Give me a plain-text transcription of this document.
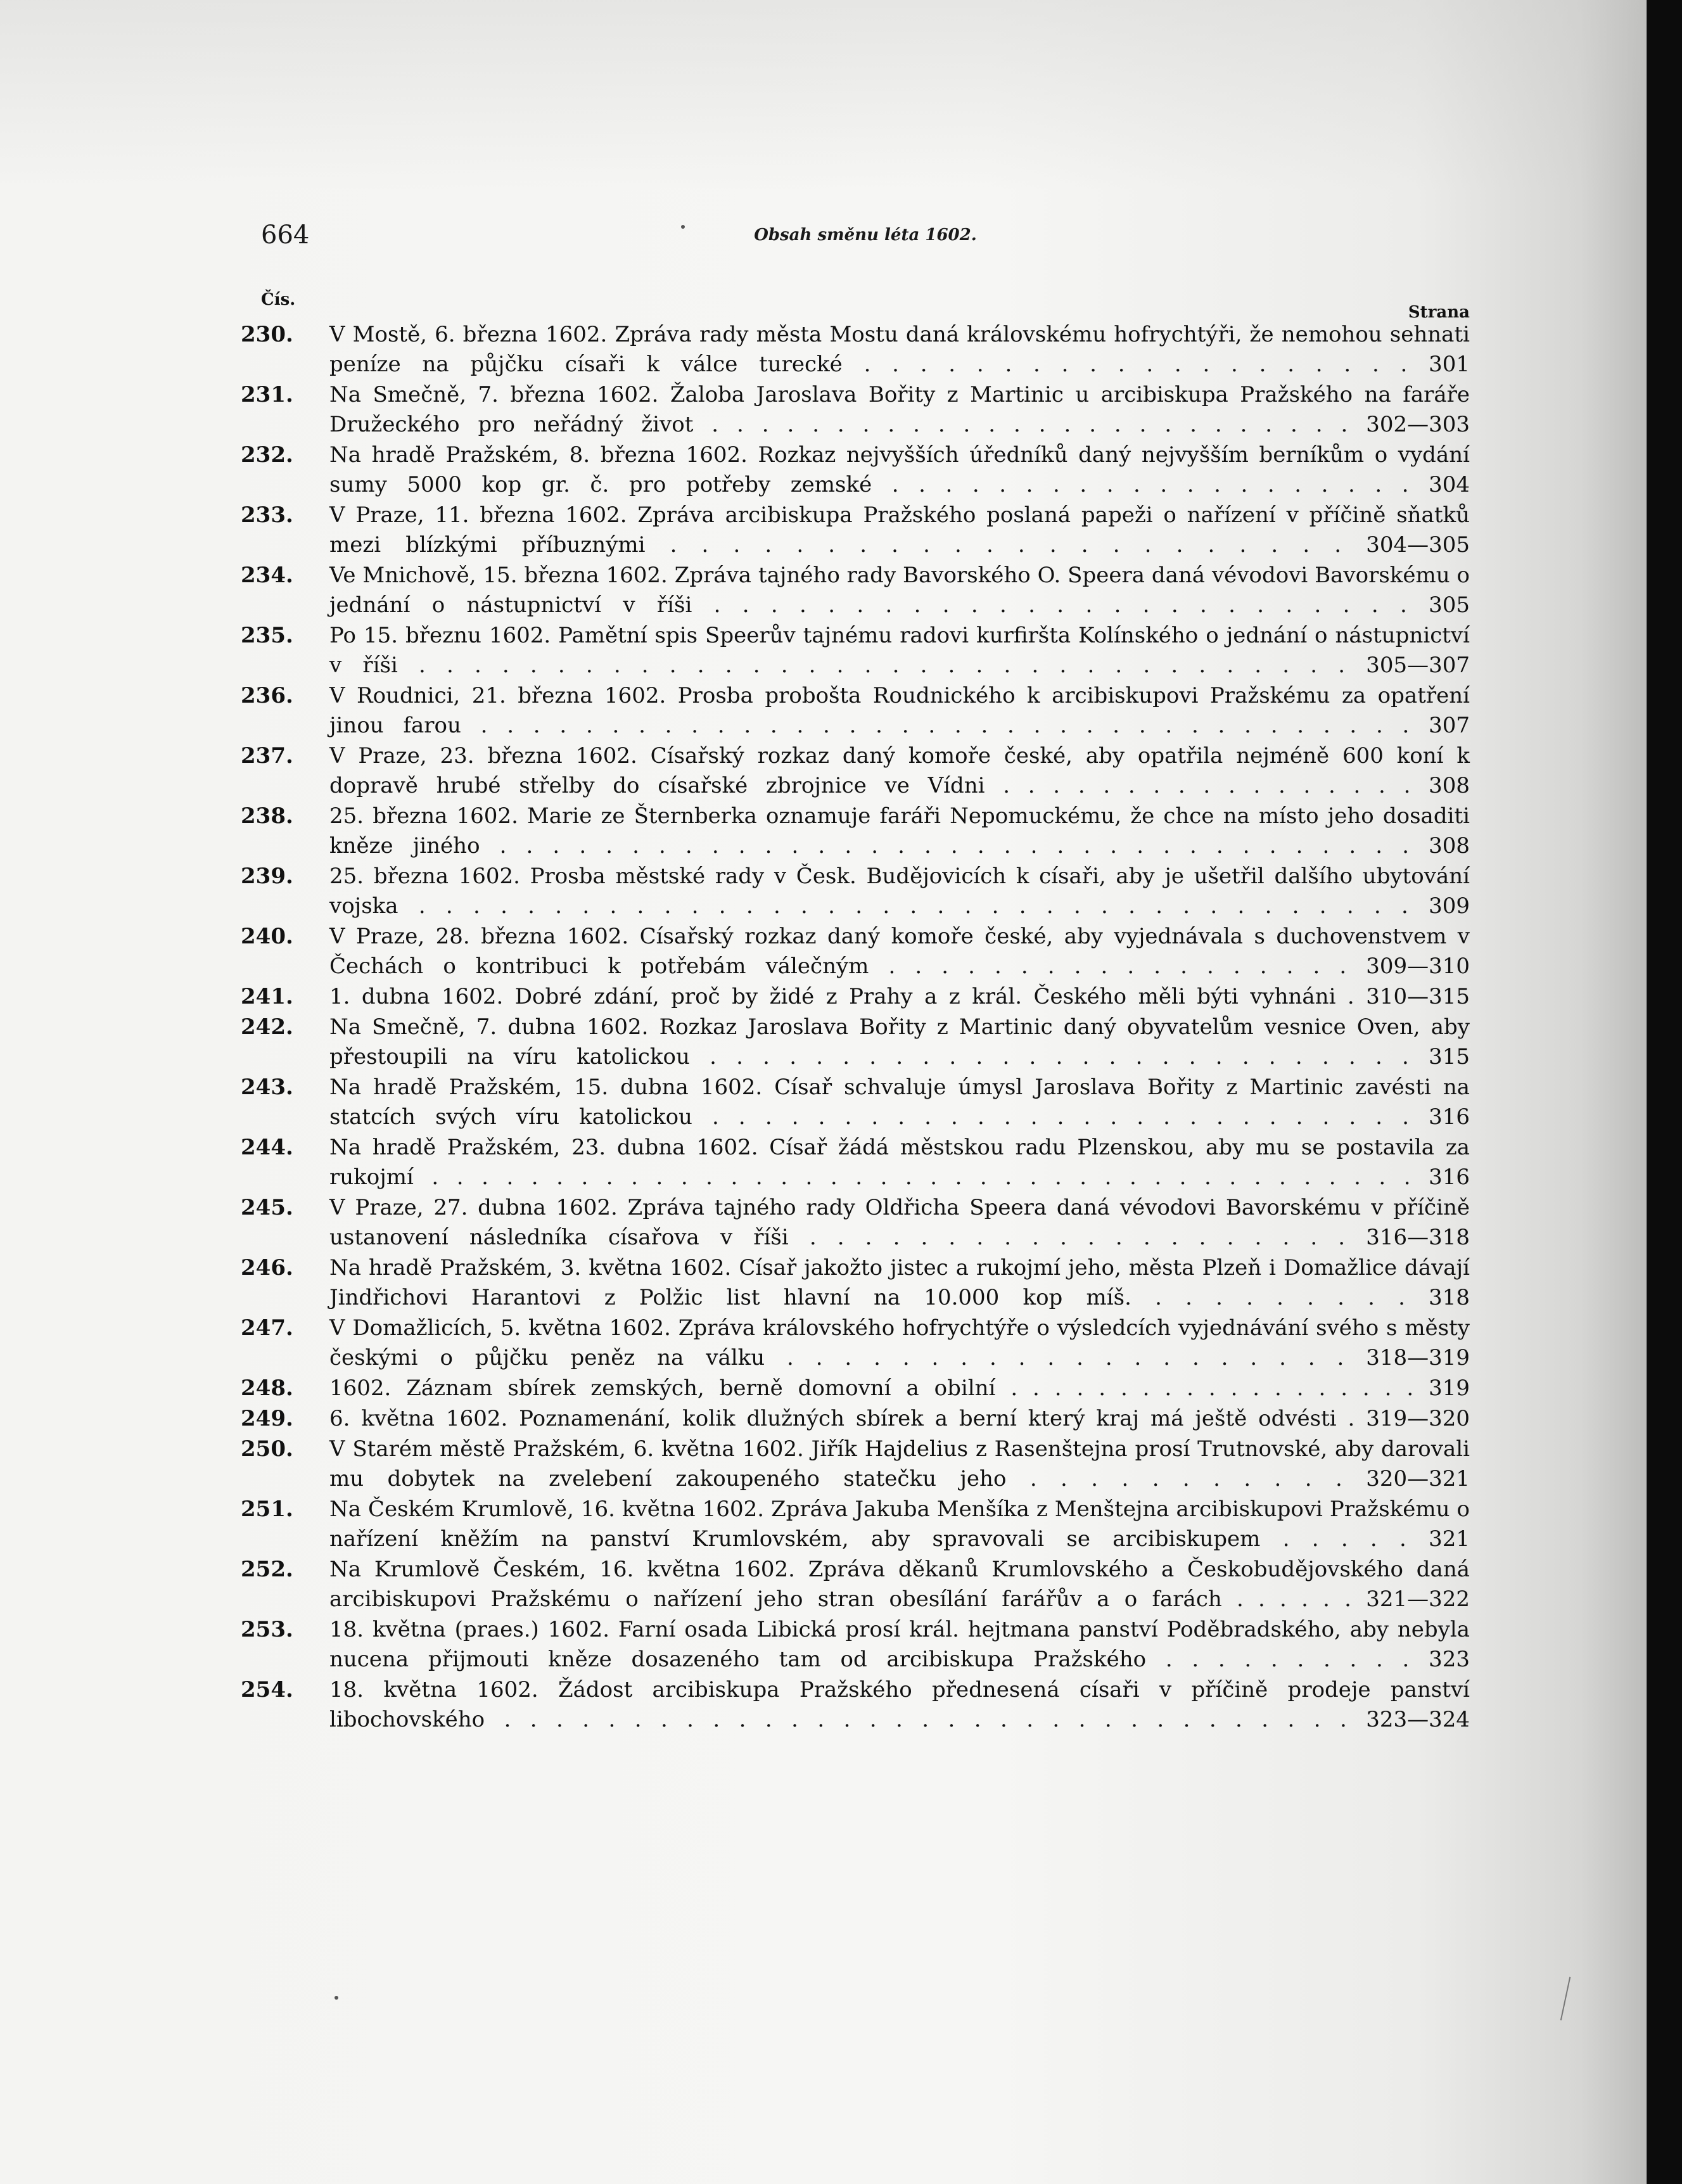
664	Obsah směnu léta 1602.
Čís.
Strana
230. V Mostě, 6. března 1602. Zpráva rady města Mostu daná královskému hofrychtýři, že nemohou sehnati peníze na půjčku císaři k válce turecké . . . . . . . . . . . . . . . . . . . . 301
231. Na Smečně, 7. března 1602. Žaloba Jaroslava Bořity z Martinic u arcibiskupa Pražského na faráře Družeckého pro neřádný život . . . . . . . . . . . . . . . . . . . . . . . . . . 302—303
232. Na hradě Pražském, 8. března 1602. Rozkaz nejvyšších úředníků daný nejvyšším berníkům o vydání sumy 5000 kop gr. č. pro potřeby zemské . . . . . . . . . . . . . . . . . . . . 304
233. V Praze, 11. března 1602. Zpráva arcibiskupa Pražského poslaná papeži o nařízení v příčině sňatků mezi blízkými příbuznými . . . . . . . . . . . . . . . . . . . . . . 304—305
234. Ve Mnichově, 15. března 1602. Zpráva tajného rady Bavorského O. Speera daná vévodovi Bavorskému o jednání o nástupnictví v říši . . . . . . . . . . . . . . . . . . . . . . . . . 305
235. Po 15. březnu 1602. Pamětní spis Speerův tajnému radovi kurfiršta Kolínského o jednání o nástupnictví v říši . . . . . . . . . . . . . . . . . . . . . . . . . . . . . . . . . . 305—307
236. V Roudnici, 21. března 1602. Prosba probošta Roudnického k arcibiskupovi Pražskému za opatření jinou farou . . . . . . . . . . . . . . . . . . . . . . . . . . . . . . . . . . . . 307
237. V Praze, 23. března 1602. Císařský rozkaz daný komoře české, aby opatřila nejméně 600 koní k dopravě hrubé střelby do císařské zbrojnice ve Vídni . . . . . . . . . . . . . . . . . 308
238. 25. března 1602. Marie ze Šternberka oznamuje faráři Nepomuckému, že chce na místo jeho dosaditi kněze jiného . . . . . . . . . . . . . . . . . . . . . . . . . . . . . . . . . . . 308
239. 25. března 1602. Prosba městské rady v Česk. Budějovicích k císaři, aby je ušetřil dalšího ubytování vojska . . . . . . . . . . . . . . . . . . . . . . . . . . . . . . . . . . . . . 309
240. V Praze, 28. března 1602. Císařský rozkaz daný komoře české, aby vyjednávala s duchovenstvem v Čechách o kontribuci k potřebám válečným . . . . . . . . . . . . . . . . . . 309—310
241. 1. dubna 1602. Dobré zdání, proč by židé z Prahy a z král. Českého měli býti vyhnáni . 310—315
242. Na Smečně, 7. dubna 1602. Rozkaz Jaroslava Bořity z Martinic daný obyvatelům vesnice Oven, aby přestoupili na víru katolickou . . . . . . . . . . . . . . . . . . . . . . . . . . . 315
243. Na hradě Pražském, 15. dubna 1602. Císař schvaluje úmysl Jaroslava Bořity z Martinic zavésti na statcích svých víru katolickou . . . . . . . . . . . . . . . . . . . . . . . . . . . 316
244. Na hradě Pražském, 23. dubna 1602. Císař žádá městskou radu Plzenskou, aby mu se postavila za rukojmí . . . . . . . . . . . . . . . . . . . . . . . . . . . . . . . . . . . . . . . . 316
245. V Praze, 27. dubna 1602. Zpráva tajného rady Oldřicha Speera daná vévodovi Bavorskému v příčině ustanovení následníka císařova v říši . . . . . . . . . . . . . . . . . . . . 316—318
246. Na hradě Pražském, 3. května 1602. Císař jakožto jistec a rukojmí jeho, města Plzeň i Domažlice dávají Jindřichovi Harantovi z Polžic list hlavní na 10.000 kop míš. . . . . . . . . . 318
247. V Domažlicích, 5. května 1602. Zpráva královského hofrychtýře o výsledcích vyjednávání svého s městy českými o půjčku peněz na válku . . . . . . . . . . . . . . . . . . . . 318—319
248. 1602. Záznam sbírek zemských, berně domovní a obilní . . . . . . . . . . . . . . . . . . . 319
249. 6. května 1602. Poznamenání, kolik dlužných sbírek a berní který kraj má ještě odvésti . 319—320
250. V Starém městě Pražském, 6. května 1602. Jiřík Hajdelius z Rasenštejna prosí Trutnovské, aby darovali mu dobytek na zvelebení zakoupeného statečku jeho . . . . . . . . . . . 320—321
251. Na Českém Krumlově, 16. května 1602. Zpráva Jakuba Menšíka z Menštejna arcibiskupovi Pražskému o nařízení kněžím na panství Krumlovském, aby spravovali se arcibiskupem . . . . . 321
252. Na Krumlově Českém, 16. května 1602. Zpráva děkanů Krumlovského a Českobudějovského daná arcibiskupovi Pražskému o nařízení jeho stran obesílání farářův a o farách . . . . . . 321—322
253. 18. května (praes.) 1602. Farní osada Libická prosí král. hejtmana panství Poděbradského, aby nebyla nucena přijmouti kněze dosazeného tam od arcibiskupa Pražského . . . . . . . . . . 323
254. 18. května 1602. Žádost arcibiskupa Pražského přednesená císaři v příčině prodeje panství libochovského . . . . . . . . . . . . . . . . . . . . . . . . . . . . . . . . . 323—324
